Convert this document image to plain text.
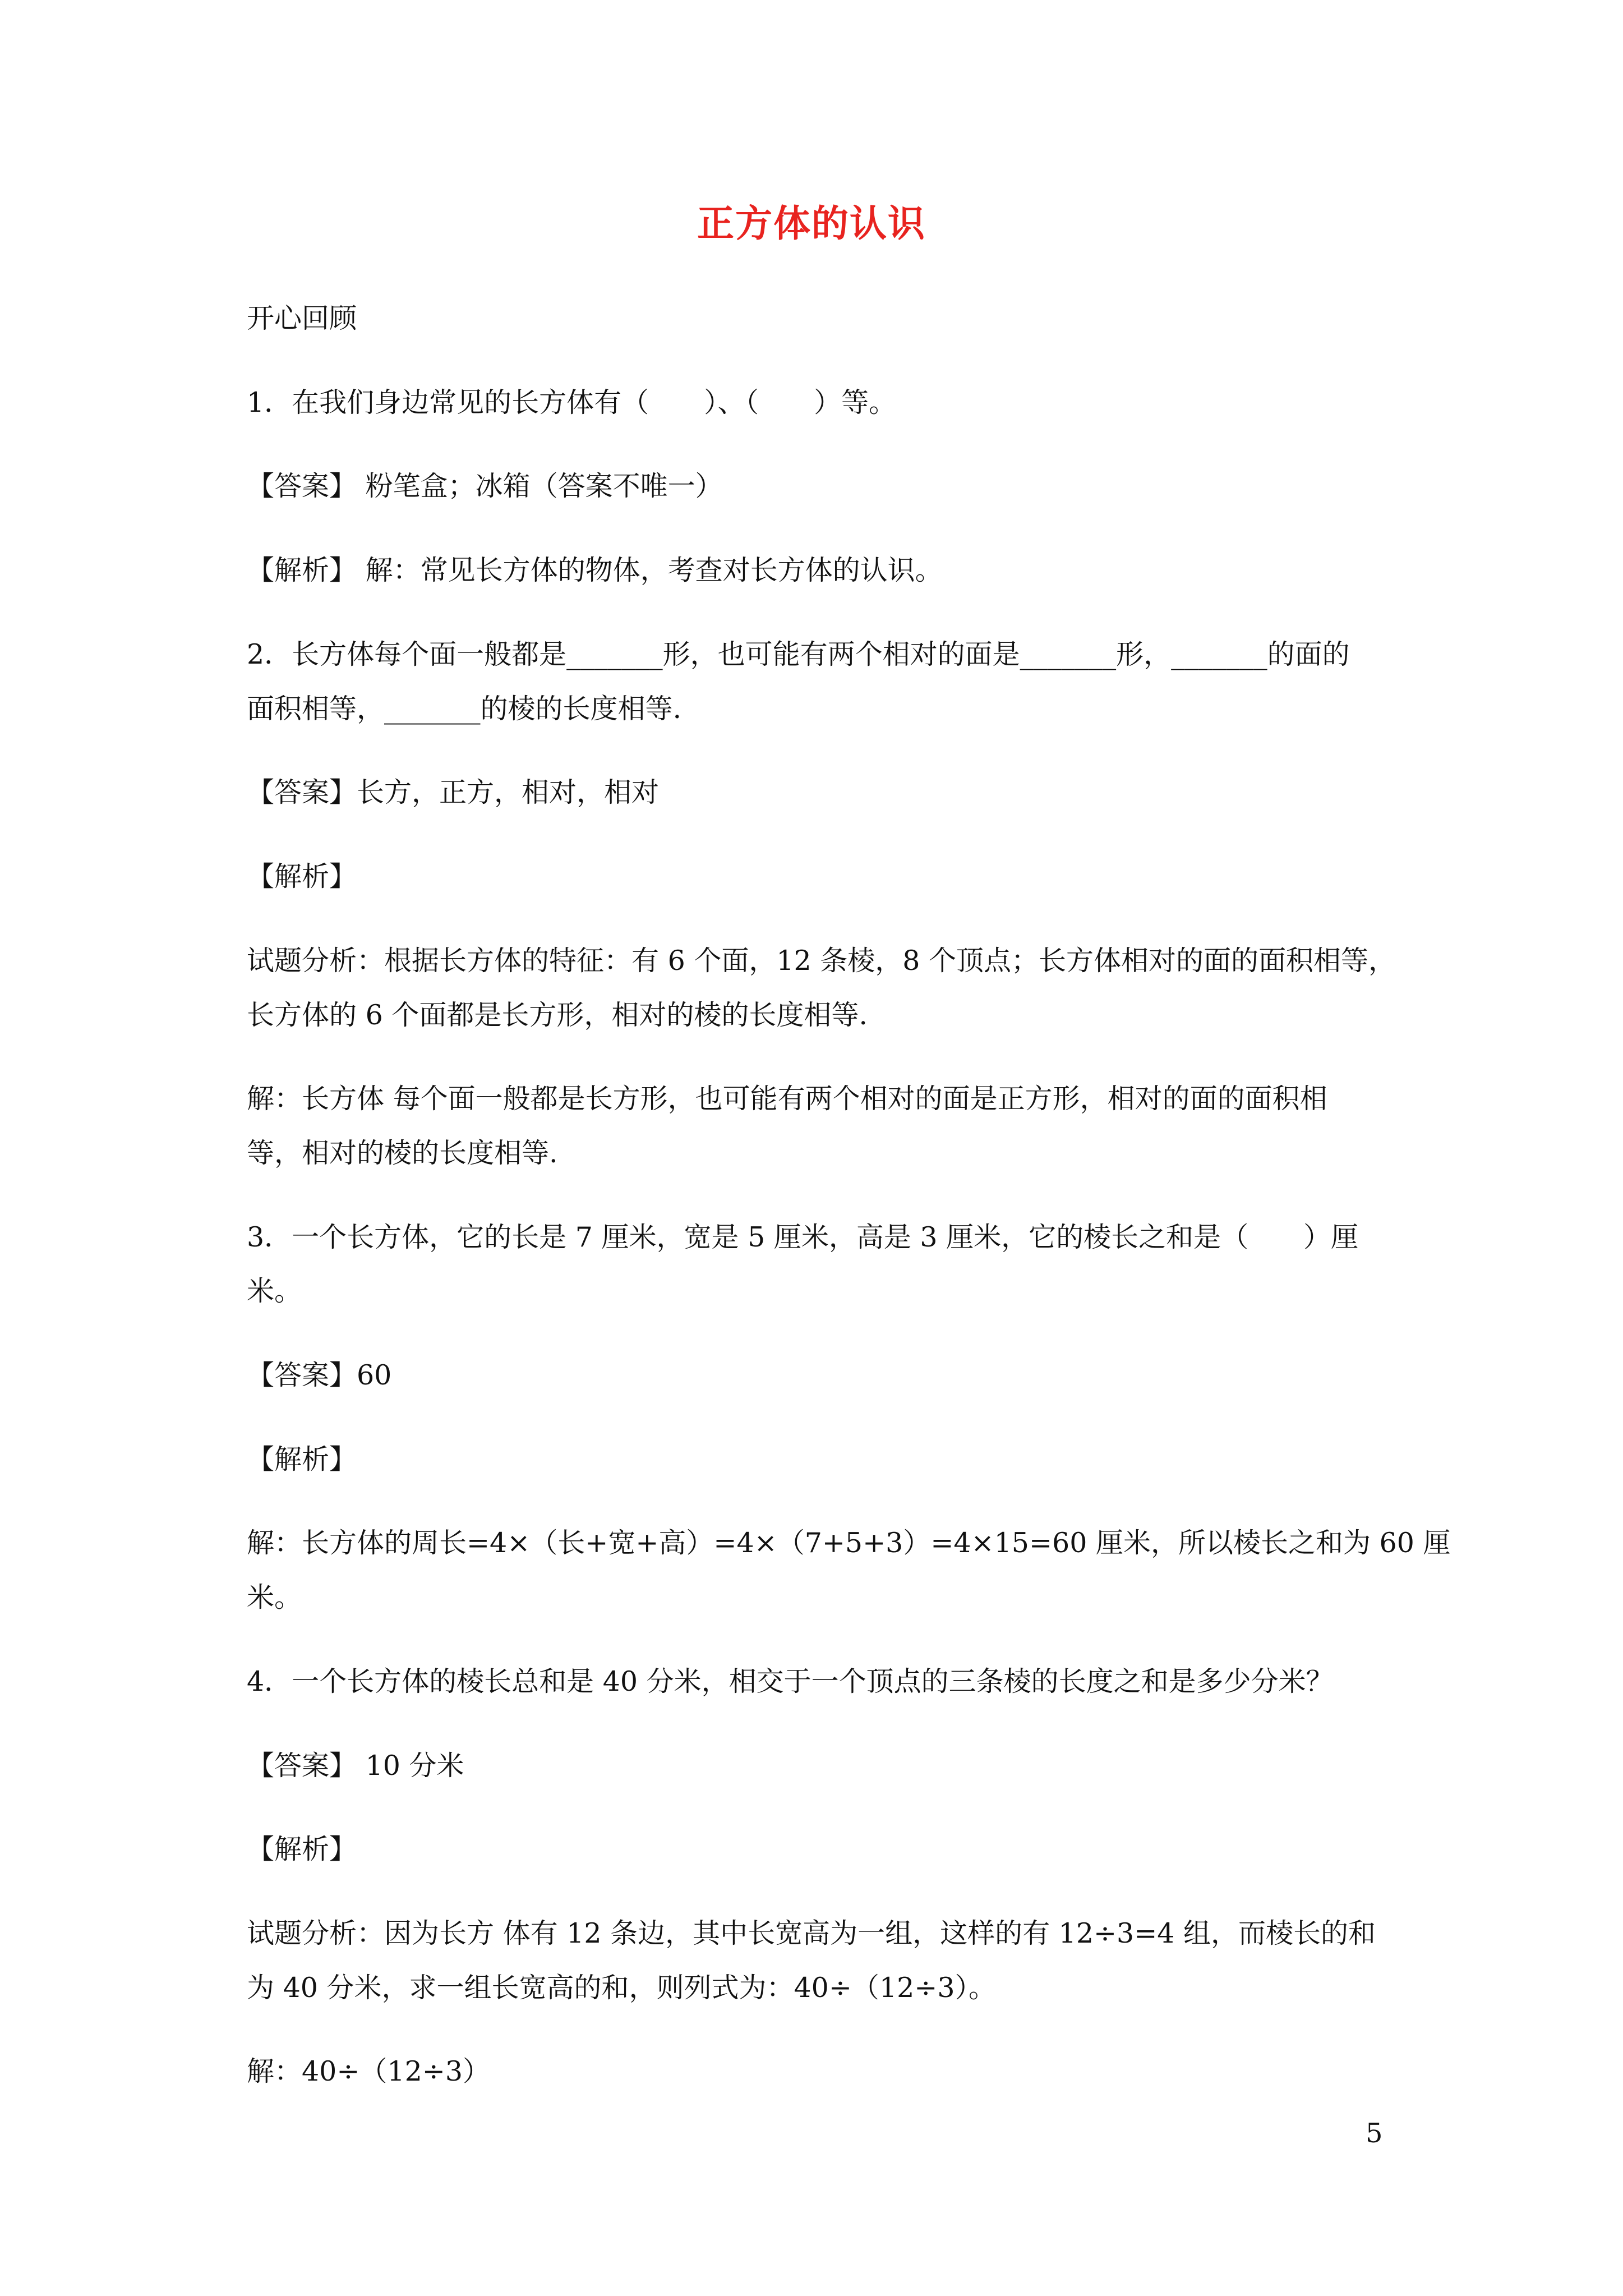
正方体的认识
开心回顾
1．在我们身边常见的长方体有（　　）、（　　）等。
【答案】 粉笔盒；冰箱（答案不唯一）
【解析】 解：常见长方体的物体，考查对长方体的认识。
2．长方体每个面一般都是_______形，也可能有两个相对的面是_______形，_______的面的
面积相等，_______的棱的长度相等.
【答案】长方，正方，相对，相对
【解析】
试题分析：根据长方体的特征：有 6 个面，12 条棱，8 个顶点；长方体相对的面的面积相等，
长方体的 6 个面都是长方形，相对的棱的长度相等.
解：长方体 每个面一般都是长方形，也可能有两个相对的面是正方形，相对的面的面积相
等，相对的棱的长度相等.
3．一个长方体，它的长是 7 厘米，宽是 5 厘米，高是 3 厘米，它的棱长之和是（　　）厘
米。
【答案】60
【解析】
解：长方体的周长=4×（长+宽+高）=4×（7+5+3）=4×15=60 厘米，所以棱长之和为 60 厘
米。
4．一个长方体的棱长总和是 40 分米，相交于一个顶点的三条棱的长度之和是多少分米？
【答案】 10 分米
【解析】
试题分析：因为长方 体有 12 条边，其中长宽高为一组，这样的有 12÷3=4 组，而棱长的和
为 40 分米，求一组长宽高的和，则列式为：40÷（12÷3）。
解：40÷（12÷3）
5
